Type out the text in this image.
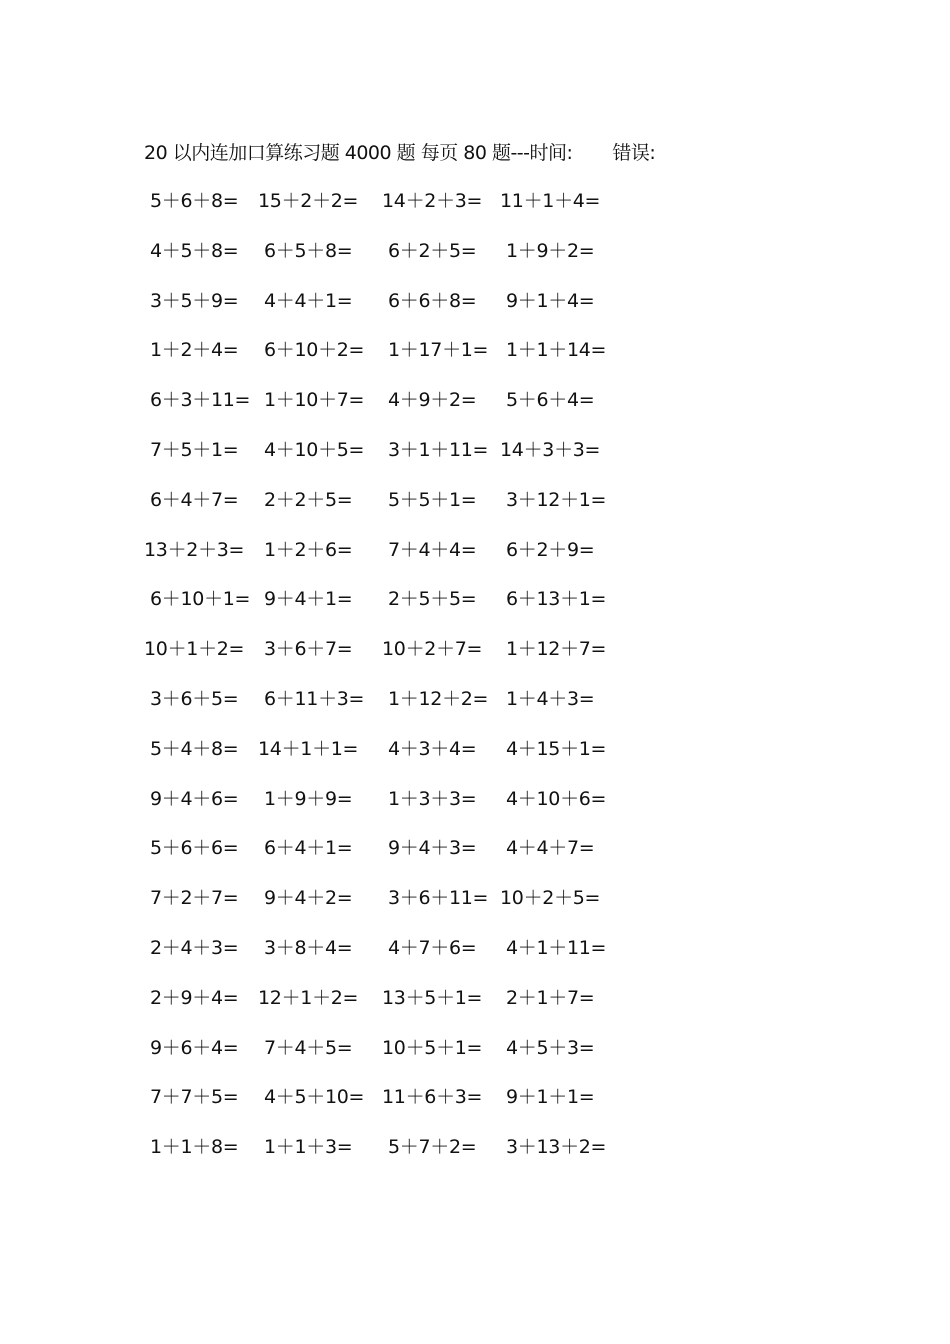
20 以内连加口算练习题 4000 题 每页 80 题---时间: 错误:
5＋6＋8= 15＋2＋2= 14＋2＋3= 11＋1＋4=
4＋5＋8= 6＋5＋8= 6＋2＋5= 1＋9＋2=
3＋5＋9= 4＋4＋1= 6＋6＋8= 9＋1＋4=
1＋2＋4= 6＋10＋2= 1＋17＋1= 1＋1＋14=
6＋3＋11= 1＋10＋7= 4＋9＋2= 5＋6＋4=
7＋5＋1= 4＋10＋5= 3＋1＋11= 14＋3＋3=
6＋4＋7= 2＋2＋5= 5＋5＋1= 3＋12＋1=
13＋2＋3= 1＋2＋6= 7＋4＋4= 6＋2＋9=
6＋10＋1= 9＋4＋1= 2＋5＋5= 6＋13＋1=
10＋1＋2= 3＋6＋7= 10＋2＋7= 1＋12＋7=
3＋6＋5= 6＋11＋3= 1＋12＋2= 1＋4＋3=
5＋4＋8= 14＋1＋1= 4＋3＋4= 4＋15＋1=
9＋4＋6= 1＋9＋9= 1＋3＋3= 4＋10＋6=
5＋6＋6= 6＋4＋1= 9＋4＋3= 4＋4＋7=
7＋2＋7= 9＋4＋2= 3＋6＋11= 10＋2＋5=
2＋4＋3= 3＋8＋4= 4＋7＋6= 4＋1＋11=
2＋9＋4= 12＋1＋2= 13＋5＋1= 2＋1＋7=
9＋6＋4= 7＋4＋5= 10＋5＋1= 4＋5＋3=
7＋7＋5= 4＋5＋10= 11＋6＋3= 9＋1＋1=
1＋1＋8= 1＋1＋3= 5＋7＋2= 3＋13＋2=
